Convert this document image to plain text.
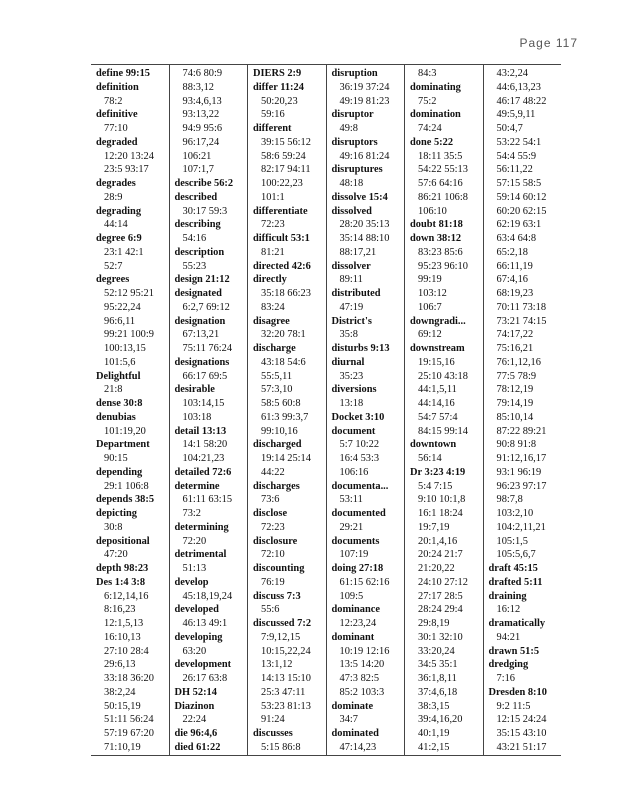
Page 117
define 99:15
definition
78:2
definitive
77:10
degraded
12:20 13:24
23:5 93:17
degrades
28:9
degrading
44:14
degree 6:9
23:1 42:1
52:7
degrees
52:12 95:21
95:22,24
96:6,11
99:21 100:9
100:13,15
101:5,6
Delightful
21:8
dense 30:8
denubias
101:19,20
Department
90:15
depending
29:1 106:8
depends 38:5
depicting
30:8
depositional
47:20
depth 98:23
Des 1:4 3:8
6:12,14,16
8:16,23
12:1,5,13
16:10,13
27:10 28:4
29:6,13
33:18 36:20
38:2,24
50:15,19
51:11 56:24
57:19 67:20
71:10,19
74:6 80:9
88:3,12
93:4,6,13
93:13,22
94:9 95:6
96:17,24
106:21
107:1,7
describe 56:2
described
30:17 59:3
describing
54:16
description
55:23
design 21:12
designated
6:2,7 69:12
designation
67:13,21
75:11 76:24
designations
66:17 69:5
desirable
103:14,15
103:18
detail 13:13
14:1 58:20
104:21,23
detailed 72:6
determine
61:11 63:15
73:2
determining
72:20
detrimental
51:13
develop
45:18,19,24
developed
46:13 49:1
developing
63:20
development
26:17 63:8
DH 52:14
Diazinon
22:24
die 96:4,6
died 61:22
DIERS 2:9
differ 11:24
50:20,23
59:16
different
39:15 56:12
58:6 59:24
82:17 94:11
100:22,23
101:1
differentiate
72:23
difficult 53:1
81:21
directed 42:6
directly
35:18 66:23
83:24
disagree
32:20 78:1
discharge
43:18 54:6
55:5,11
57:3,10
58:5 60:8
61:3 99:3,7
99:10,16
discharged
19:14 25:14
44:22
discharges
73:6
disclose
72:23
disclosure
72:10
discounting
76:19
discuss 7:3
55:6
discussed 7:2
7:9,12,15
10:15,22,24
13:1,12
14:13 15:10
25:3 47:11
53:23 81:13
91:24
discusses
5:15 86:8
disruption
36:19 37:24
49:19 81:23
disruptor
49:8
disruptors
49:16 81:24
disruptures
48:18
dissolve 15:4
dissolved
28:20 35:13
35:14 88:10
88:17,21
dissolver
89:11
distributed
47:19
District's
35:8
disturbs 9:13
diurnal
35:23
diversions
13:18
Docket 3:10
document
5:7 10:22
16:4 53:3
106:16
documenta...
53:11
documented
29:21
documents
107:19
doing 27:18
61:15 62:16
109:5
dominance
12:23,24
dominant
10:19 12:16
13:5 14:20
47:3 82:5
85:2 103:3
dominate
34:7
dominated
47:14,23
84:3
dominating
75:2
domination
74:24
done 5:22
18:11 35:5
54:22 55:13
57:6 64:16
86:21 106:8
106:10
doubt 81:18
down 38:12
83:23 85:6
95:23 96:10
99:19
103:12
106:7
downgradi...
69:12
downstream
19:15,16
25:10 43:18
44:1,5,11
44:14,16
54:7 57:4
84:15 99:14
downtown
56:14
Dr 3:23 4:19
5:4 7:15
9:10 10:1,8
16:1 18:24
19:7,19
20:1,4,16
20:24 21:7
21:20,22
24:10 27:12
27:17 28:5
28:24 29:4
29:8,19
30:1 32:10
33:20,24
34:5 35:1
36:1,8,11
37:4,6,18
38:3,15
39:4,16,20
40:1,19
41:2,15
43:2,24
44:6,13,23
46:17 48:22
49:5,9,11
50:4,7
53:22 54:1
54:4 55:9
56:11,22
57:15 58:5
59:14 60:12
60:20 62:15
62:19 63:1
63:4 64:8
65:2,18
66:11,19
67:4,16
68:19,23
70:11 73:18
73:21 74:15
74:17,22
75:16,21
76:1,12,16
77:5 78:9
78:12,19
79:14,19
85:10,14
87:22 89:21
90:8 91:8
91:12,16,17
93:1 96:19
96:23 97:17
98:7,8
103:2,10
104:2,11,21
105:1,5
105:5,6,7
draft 45:15
drafted 5:11
draining
16:12
dramatically
94:21
drawn 51:5
dredging
7:16
Dresden 8:10
9:2 11:5
12:15 24:24
35:15 43:10
43:21 51:17
